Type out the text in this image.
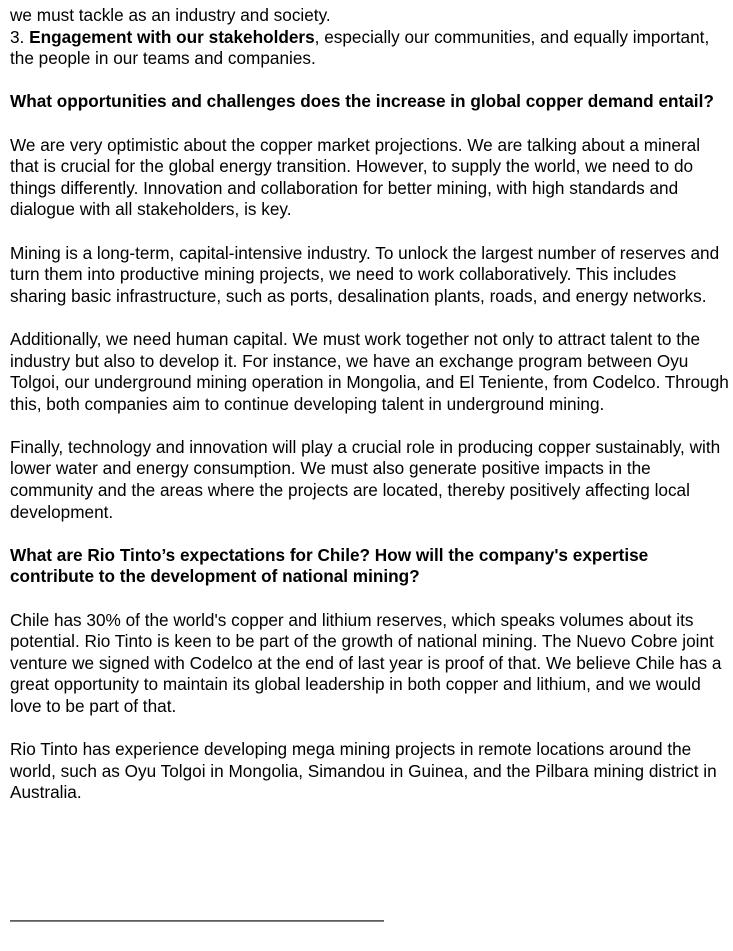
we must tackle as an industry and society.

3. Engagement with our stakeholders, especially our communities, and equally important, the people in our teams and companies.

What opportunities and challenges does the increase in global copper demand entail?

We are very optimistic about the copper market projections. We are talking about a mineral that is crucial for the global energy transition. However, to supply the world, we need to do things differently. Innovation and collaboration for better mining, with high standards and dialogue with all stakeholders, is key.

Mining is a long-term, capital-intensive industry. To unlock the largest number of reserves and turn them into productive mining projects, we need to work collaboratively. This includes sharing basic infrastructure, such as ports, desalination plants, roads, and energy networks.

Additionally, we need human capital. We must work together not only to attract talent to the industry but also to develop it. For instance, we have an exchange program between Oyu Tolgoi, our underground mining operation in Mongolia, and El Teniente, from Codelco. Through this, both companies aim to continue developing talent in underground mining.

Finally, technology and innovation will play a crucial role in producing copper sustainably, with lower water and energy consumption. We must also generate positive impacts in the community and the areas where the projects are located, thereby positively affecting local development.

What are Rio Tinto’s expectations for Chile? How will the company's expertise contribute to the development of national mining?

Chile has 30% of the world's copper and lithium reserves, which speaks volumes about its potential. Rio Tinto is keen to be part of the growth of national mining. The Nuevo Cobre joint venture we signed with Codelco at the end of last year is proof of that. We believe Chile has a great opportunity to maintain its global leadership in both copper and lithium, and we would love to be part of that.

Rio Tinto has experience developing mega mining projects in remote locations around the world, such as Oyu Tolgoi in Mongolia, Simandou in Guinea, and the Pilbara mining district in Australia.

——————————————————————
